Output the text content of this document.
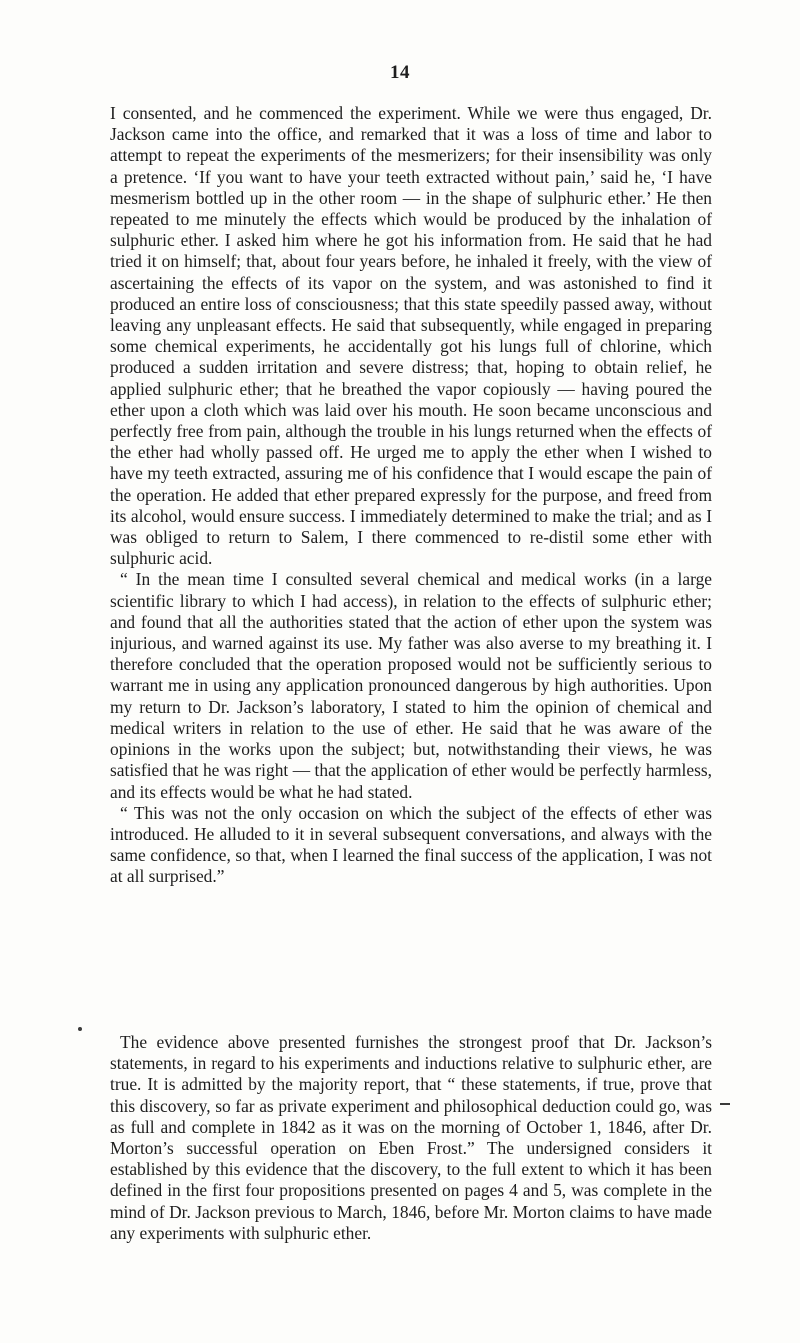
14

I consented, and he commenced the experiment. While we were thus engaged, Dr. Jackson came into the office, and remarked that it was a loss of time and labor to attempt to repeat the experiments of the mesmerizers; for their insensibility was only a pretence. ‘If you want to have your teeth extracted without pain,’ said he, ‘I have mesmerism bottled up in the other room — in the shape of sulphuric ether.’ He then repeated to me minutely the effects which would be produced by the inhalation of sulphuric ether. I asked him where he got his information from. He said that he had tried it on himself; that, about four years before, he inhaled it freely, with the view of ascertaining the effects of its vapor on the system, and was astonished to find it produced an entire loss of consciousness; that this state speedily passed away, without leaving any unpleasant effects. He said that subsequently, while engaged in preparing some chemical experiments, he accidentally got his lungs full of chlorine, which produced a sudden irritation and severe distress; that, hoping to obtain relief, he applied sulphuric ether; that he breathed the vapor copiously — having poured the ether upon a cloth which was laid over his mouth. He soon became unconscious and perfectly free from pain, although the trouble in his lungs returned when the effects of the ether had wholly passed off. He urged me to apply the ether when I wished to have my teeth extracted, assuring me of his confidence that I would escape the pain of the operation. He added that ether prepared expressly for the purpose, and freed from its alcohol, would ensure success. I immediately determined to make the trial; and as I was obliged to return to Salem, I there commenced to re-distil some ether with sulphuric acid.

“ In the mean time I consulted several chemical and medical works (in a large scientific library to which I had access), in relation to the effects of sulphuric ether; and found that all the authorities stated that the action of ether upon the system was injurious, and warned against its use. My father was also averse to my breathing it. I therefore concluded that the operation proposed would not be sufficiently serious to warrant me in using any application pronounced dangerous by high authorities. Upon my return to Dr. Jackson’s laboratory, I stated to him the opinion of chemical and medical writers in relation to the use of ether. He said that he was aware of the opinions in the works upon the subject; but, notwithstanding their views, he was satisfied that he was right — that the application of ether would be perfectly harmless, and its effects would be what he had stated.

“ This was not the only occasion on which the subject of the effects of ether was introduced. He alluded to it in several subsequent conversations, and always with the same confidence, so that, when I learned the final success of the application, I was not at all surprised.”

The evidence above presented furnishes the strongest proof that Dr. Jackson’s statements, in regard to his experiments and inductions relative to sulphuric ether, are true. It is admitted by the majority report, that “ these statements, if true, prove that this discovery, so far as private experiment and philosophical deduction could go, was as full and complete in 1842 as it was on the morning of October 1, 1846, after Dr. Morton’s successful operation on Eben Frost.” The undersigned considers it established by this evidence that the discovery, to the full extent to which it has been defined in the first four propositions presented on pages 4 and 5, was complete in the mind of Dr. Jackson previous to March, 1846, before Mr. Morton claims to have made any experiments with sulphuric ether.
